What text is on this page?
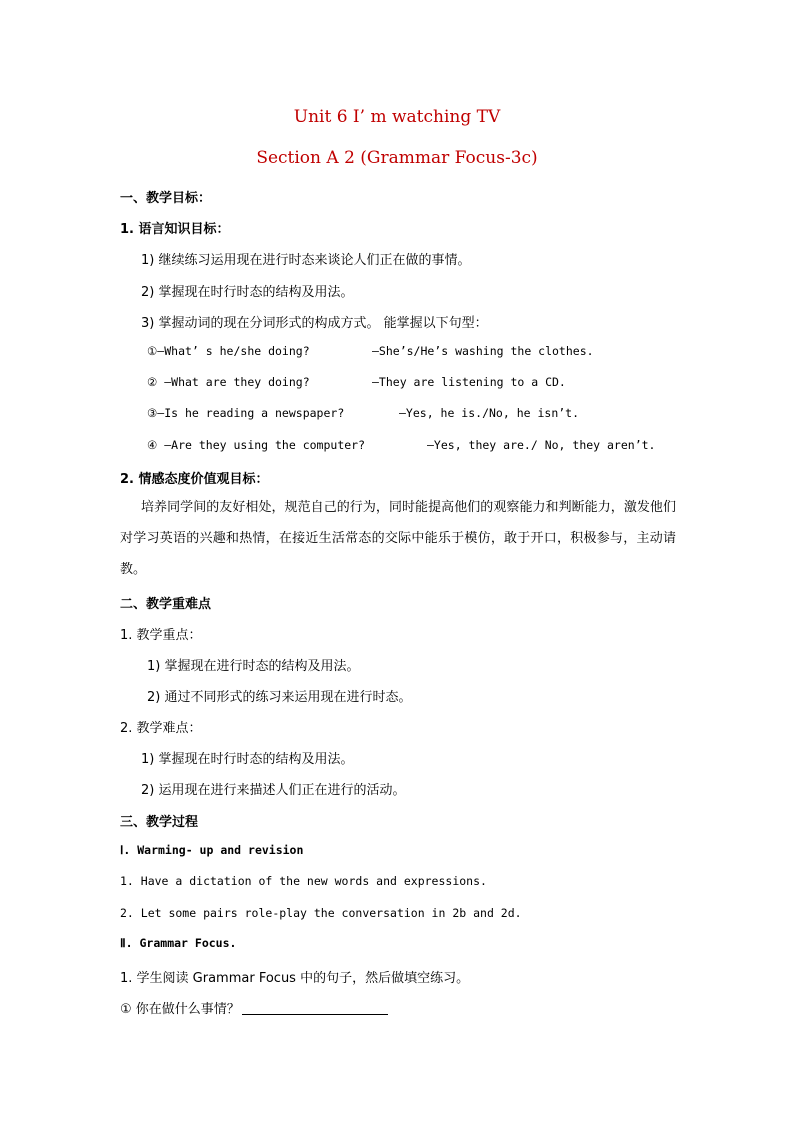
Unit 6 I’ m watching TV
Section A 2 (Grammar Focus-3c)
一、教学目标：
1. 语言知识目标：
1) 继续练习运用现在进行时态来谈论人们正在做的事情。
2) 掌握现在时行时态的结构及用法。
3) 掌握动词的现在分词形式的构成方式。 能掌握以下句型：
①—What’ s he/she doing?	—She’s/He’s washing the clothes.
② —What are they doing?	—They are listening to a CD.
③—Is he reading a newspaper?	—Yes, he is./No, he isn’t.
④ —Are they using the computer?	—Yes, they are./ No, they aren’t.
2. 情感态度价值观目标：
培养同学间的友好相处，规范自己的行为，同时能提高他们的观察能力和判断能力，激发他们对学习英语的兴趣和热情，在接近生活常态的交际中能乐于模仿，敢于开口，积极参与，主动请教。
二、教学重难点
1. 教学重点：
1) 掌握现在进行时态的结构及用法。
2) 通过不同形式的练习来运用现在进行时态。
2. 教学难点：
1) 掌握现在时行时态的结构及用法。
2) 运用现在进行来描述人们正在进行的活动。
三、教学过程
Ⅰ. Warming- up and revision
1. Have a dictation of the new words and expressions.
2. Let some pairs role-play the conversation in 2b and 2d.
Ⅱ. Grammar Focus.
1. 学生阅读 Grammar Focus 中的句子，然后做填空练习。
① 你在做什么事情？
